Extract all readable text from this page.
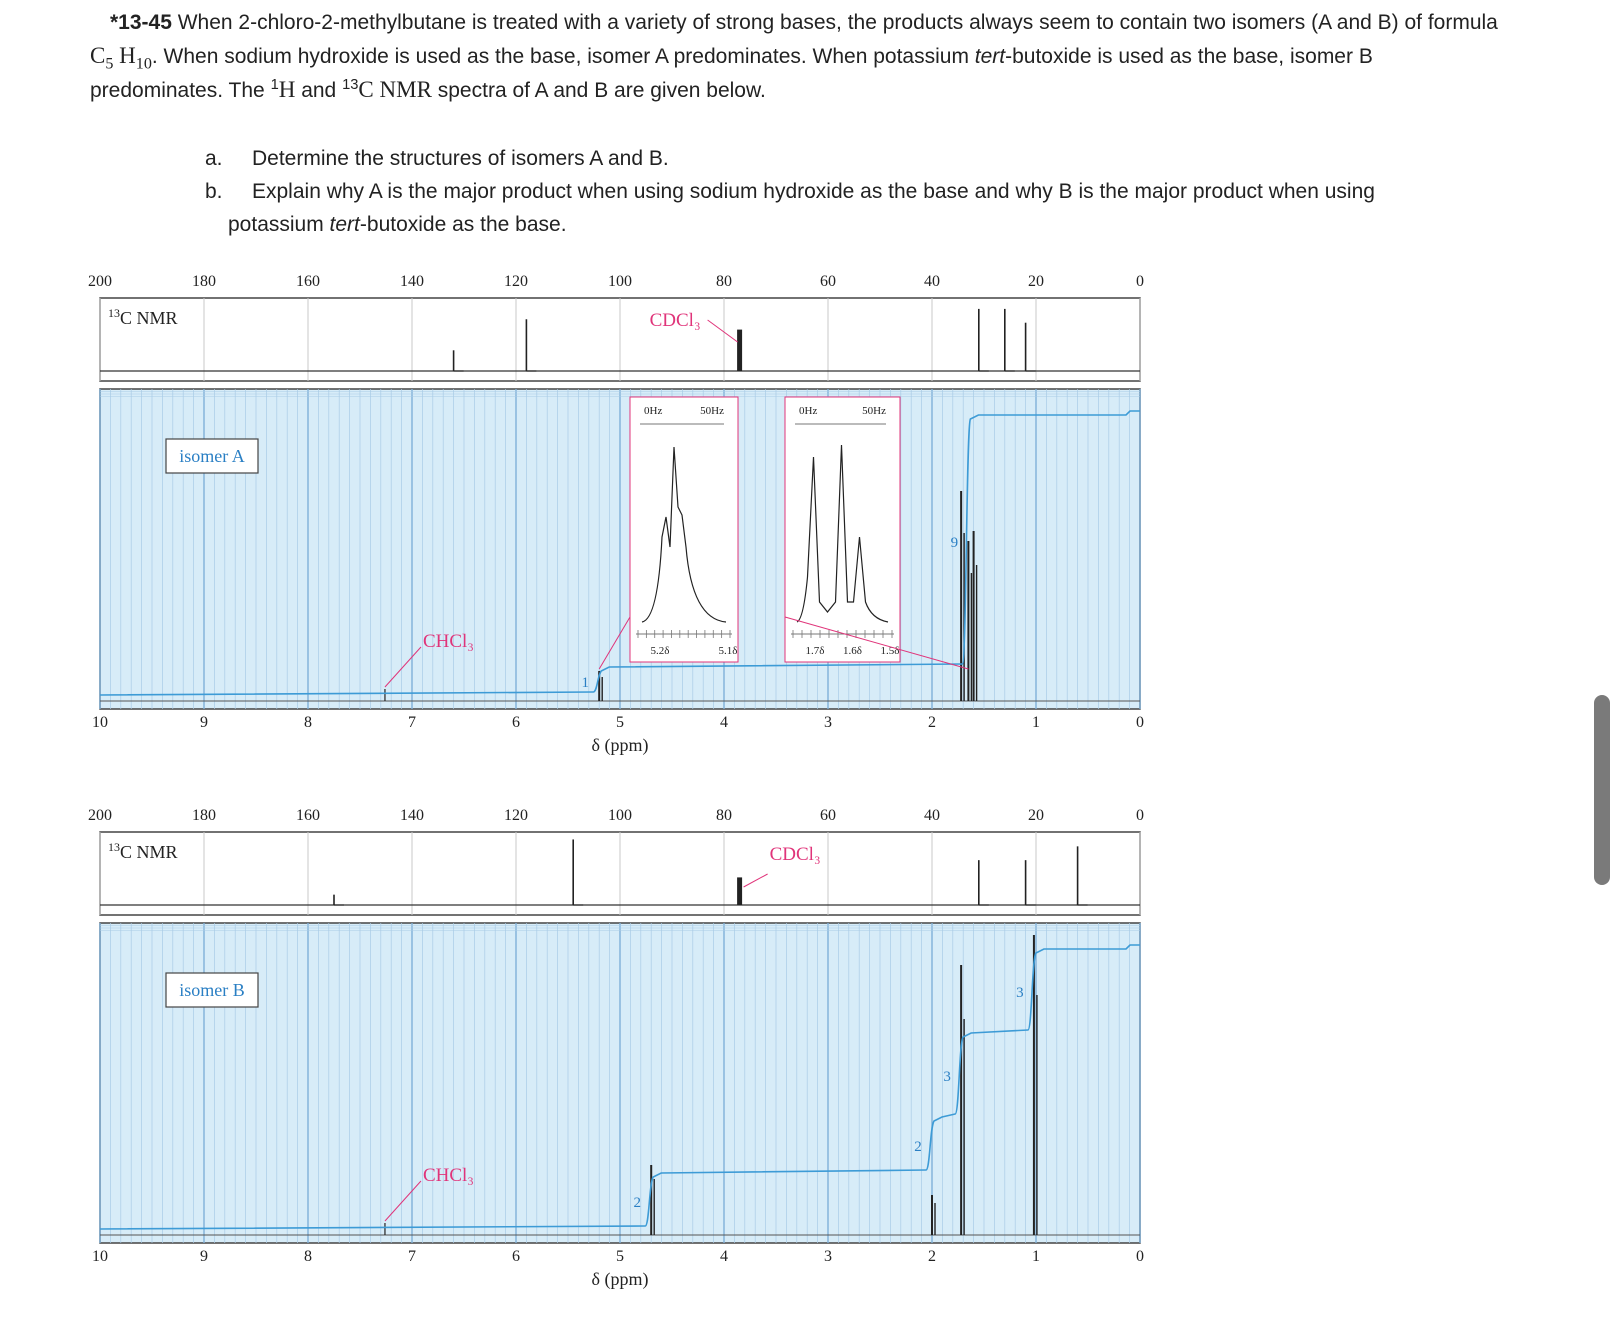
*13-45 When 2-chloro-2-methylbutane is treated with a variety of strong bases, the products always seem to contain two isomers (A and B) of formula $C_5$ $H_{10}$. When sodium hydroxide is used as the base, isomer A predominates. When potassium tert-butoxide is used as the base, isomer B predominates. The $^1$H and $^{13}$C NMR spectra of A and B are given below.

a. Determine the structures of isomers A and B.
b. Explain why A is the major product when using sodium hydroxide as the base and why B is the major product when using
potassium tert-butoxide as the base.
200	180	160	140	120	100	80	60	40	20	0
$^{13}$C NMR	CDCl₃
10	9	8	7	6	5	4	3	2	1	0
δ (ppm)
isomer A
CHCl₃
1
9
0Hz	50Hz
5.2δ	5.1δ
0Hz	50Hz
1.7δ 1.6δ 1.5δ
200	180	160	140	120	100	80	60	40	20	0
$^{13}$C NMR	CDCl₃
10	9	8	7	6	5	4	3	2	1	0
δ (ppm)
isomer B
CHCl₃
2
2
3
3
